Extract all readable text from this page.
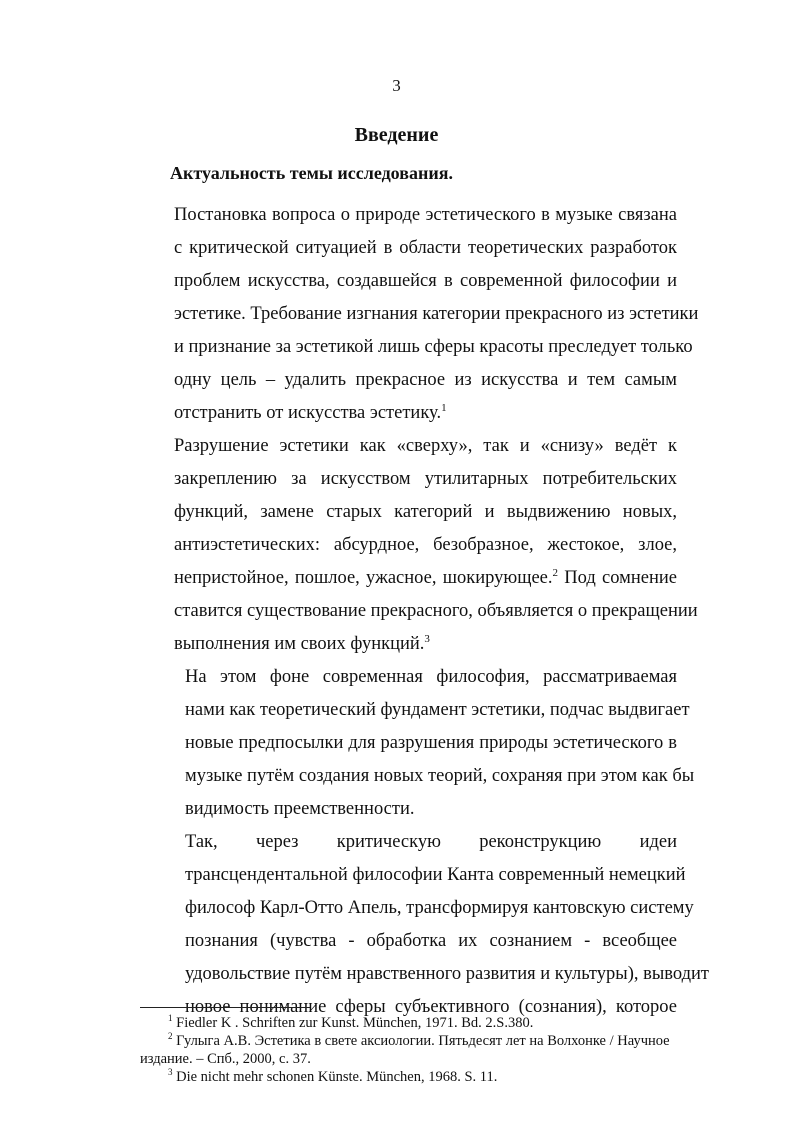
3
Введение
Актуальность темы исследования.
Постановка вопроса о природе эстетического в музыке связана
с критической ситуацией в области теоретических разработок
проблем искусства, создавшейся в современной философии и
эстетике. Требование изгнания категории прекрасного из эстетики
и признание за эстетикой лишь сферы красоты преследует только
одну цель – удалить прекрасное из искусства и тем самым
отстранить от искусства эстетику.$^1$
Разрушение эстетики как «сверху», так и «снизу» ведёт к
закреплению за искусством утилитарных потребительских
функций, замене старых категорий и выдвижению новых,
антиэстетических: абсурдное, безобразное, жестокое, злое,
непристойное, пошлое, ужасное, шокирующее.$^2$ Под сомнение
ставится существование прекрасного, объявляется о прекращении
выполнения им своих функций.$^3$
На этом фоне современная философия, рассматриваемая
нами как теоретический фундамент эстетики, подчас выдвигает
новые предпосылки для разрушения природы эстетического в
музыке путём создания новых теорий, сохраняя при этом как бы
видимость преемственности.
Так, через критическую реконструкцию идеи
трансцендентальной философии Канта современный немецкий
философ Карл-Отто Апель, трансформируя кантовскую систему
познания (чувства - обработка их сознанием - всеобщее
удовольствие путём нравственного развития и культуры), выводит
новое понимание сферы субъективного (сознания), которое

$^1$ Fiedler K . Schriften zur Kunst. München, 1971. Bd. 2.S.380.

$^2$ Гулыга А.В. Эстетика в свете аксиологии. Пятьдесят лет на Волхонке / Научное издание. – Спб., 2000, с. 37.

$^3$ Die nicht mehr schonen Künste. München, 1968. S. 11.
